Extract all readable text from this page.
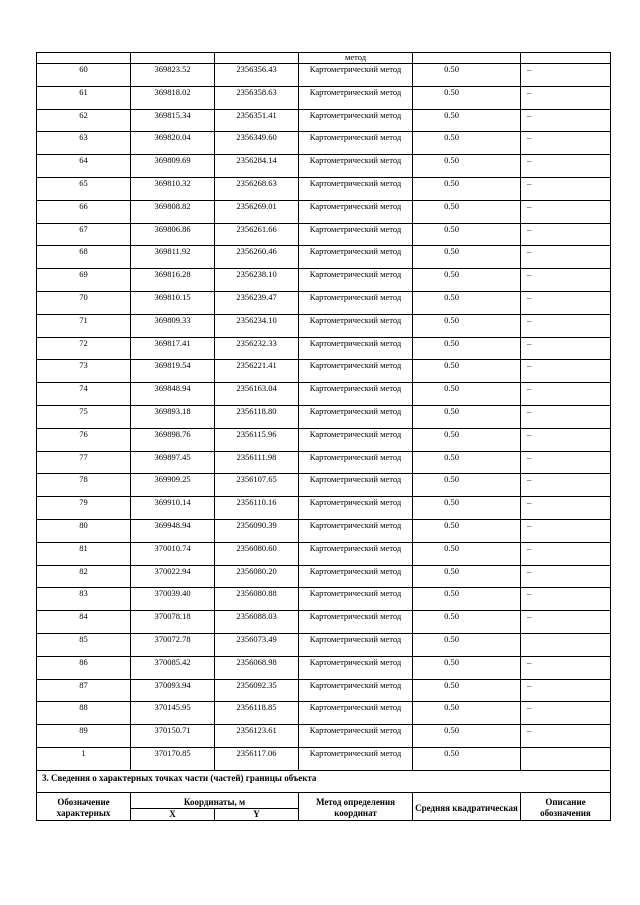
			метод		
60	369823.52	2356356.43	Картометрический метод	0.50	–
61	369818.02	2356358.63	Картометрический метод	0.50	–
62	369815.34	2356351.41	Картометрический метод	0.50	–
63	369820.04	2356349.60	Картометрический метод	0.50	–
64	369809.69	2356284.14	Картометрический метод	0.50	–
65	369810.32	2356268.63	Картометрический метод	0.50	–
66	369808.82	2356269.01	Картометрический метод	0.50	–
67	369806.86	2356261.66	Картометрический метод	0.50	–
68	369811.92	2356260.46	Картометрический метод	0.50	–
69	369816.28	2356238.10	Картометрический метод	0.50	–
70	369810.15	2356239.47	Картометрический метод	0.50	–
71	369809.33	2356234.10	Картометрический метод	0.50	–
72	369817.41	2356232.33	Картометрический метод	0.50	–
73	369819.54	2356221.41	Картометрический метод	0.50	–
74	369848.94	2356163.04	Картометрический метод	0.50	–
75	369893.18	2356118.80	Картометрический метод	0.50	–
76	369898.76	2356115.96	Картометрический метод	0.50	–
77	369897.45	2356111.98	Картометрический метод	0.50	–
78	369909.25	2356107.65	Картометрический метод	0.50	–
79	369910.14	2356110.16	Картометрический метод	0.50	–
80	369948.94	2356090.39	Картометрический метод	0.50	–
81	370010.74	2356080.60	Картометрический метод	0.50	–
82	370022.94	2356080.20	Картометрический метод	0.50	–
83	370039.40	2356080.88	Картометрический метод	0.50	–
84	370078.18	2356088.03	Картометрический метод	0.50	–
85	370072.78	2356073.49	Картометрический метод	0.50	
86	370085.42	2356068.98	Картометрический метод	0.50	–
87	370093.94	2356092.35	Картометрический метод	0.50	–
88	370145.95	2356118.85	Картометрический метод	0.50	–
89	370150.71	2356123.61	Картометрический метод	0.50	–
1	370170.85	2356117.06	Картометрический метод	0.50	
3. Сведения о характерных точках части (частей) границы объекта					
Обозначение характерных	Координаты, м		Метод определения координат	Средняя квадратическая	Описание обозначения
	X	Y			
